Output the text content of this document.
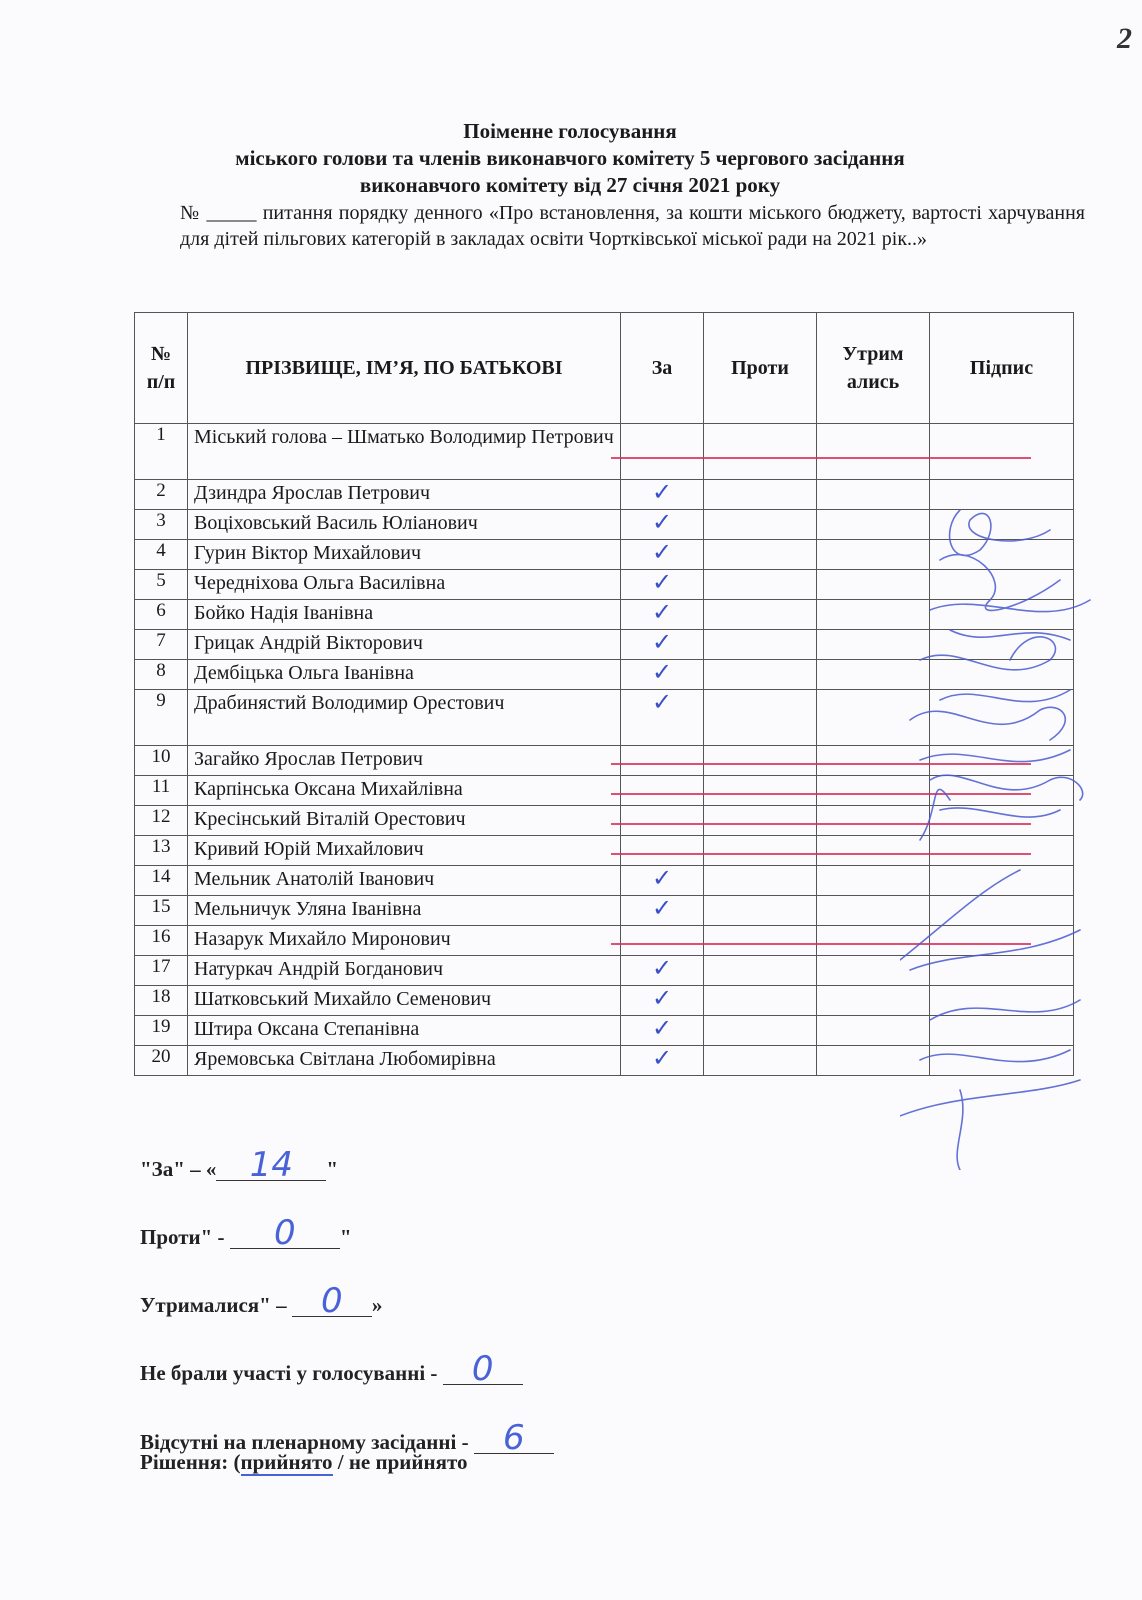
2
Поіменне голосування
міського голови та членів виконавчого комітету 5 чергового засідання
виконавчого комітету від 27 січня 2021 року
№ _____ питання порядку денного «Про встановлення, за кошти міського бюджету, вартості харчування для дітей пільгових категорій в закладах освіти Чортківської міської ради на 2021 рік..»
№ п/п	ПРІЗВИЩЕ, ІМ’Я, ПО БАТЬКОВІ	За	Проти	Утрим ались	Підпис
1	Міський голова – Шматько Володимир Петрович	

2	Дзиндра Ярослав Петрович	✓			
3	Воціховський Василь Юліанович	✓			
4	Гурин Віктор Михайлович	✓			
5	Чередніхова Ольга Василівна	✓			
6	Бойко Надія Іванівна	✓			
7	Грицак Андрій Вікторович	✓			
8	Дембіцька Ольга Іванівна	✓			
9	Драбинястий Володимир Орестович	✓			
10	Загайко Ярослав Петрович	

11	Карпінська Оксана Михайлівна	

12	Кресінський Віталій Орестович	

13	Кривий Юрій Михайлович	

14	Мельник Анатолій Іванович	✓			
15	Мельничук Уляна Іванівна	✓			
16	Назарук Михайло Миронович	

17	Натуркач Андрій Богданович	✓			
18	Шатковський Михайло Семенович	✓			
19	Штира Оксана Степанівна	✓			
20	Яремовська Світлана Любомирівна	✓			
"За" – « 14 "
Проти" - 0 "
Утрималися" – 0 »
Не брали участі у голосуванні - 0
Відсутні на пленарному засіданні - 6
Рішення: (прийнято / не прийнято
